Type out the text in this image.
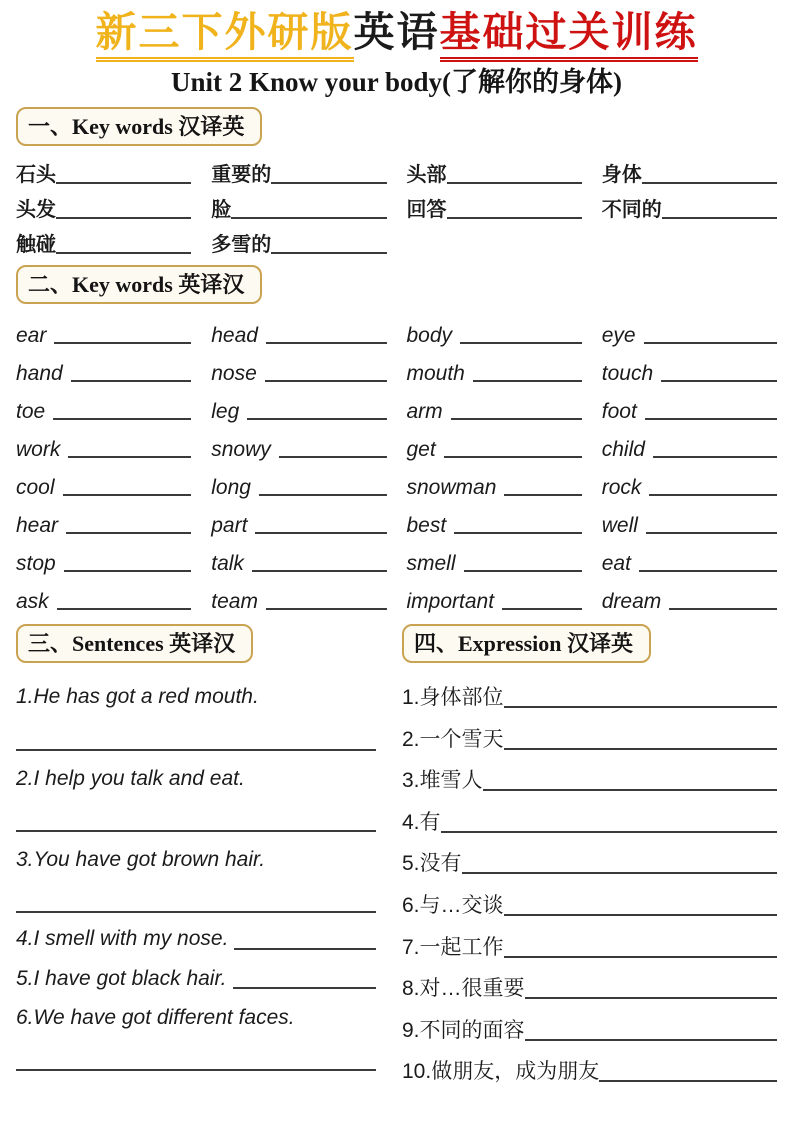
新三下外研版英语基础过关训练
Unit 2 Know your body(了解你的身体)
一、Key words 汉译英
石头	重要的	头部	身体
头发	脸	回答	不同的
触碰	多雪的
二、Key words 英译汉
ear	head	body	eye
hand	nose	mouth	touch
toe	leg	arm	foot
work	snowy	get	child
cool	long	snowman	rock
hear	part	best	well
stop	talk	smell	eat
ask	team	important	dream
三、Sentences 英译汉
1.He has got a red mouth.
2.I help you talk and eat.
3.You have got brown hair.
4.I smell with my nose.
5.I have got black hair.
6.We have got different faces.
四、Expression 汉译英
1.身体部位
2.一个雪天
3.堆雪人
4.有
5.没有
6.与…交谈
7.一起工作
8.对…很重要
9.不同的面容
10.做朋友，成为朋友
